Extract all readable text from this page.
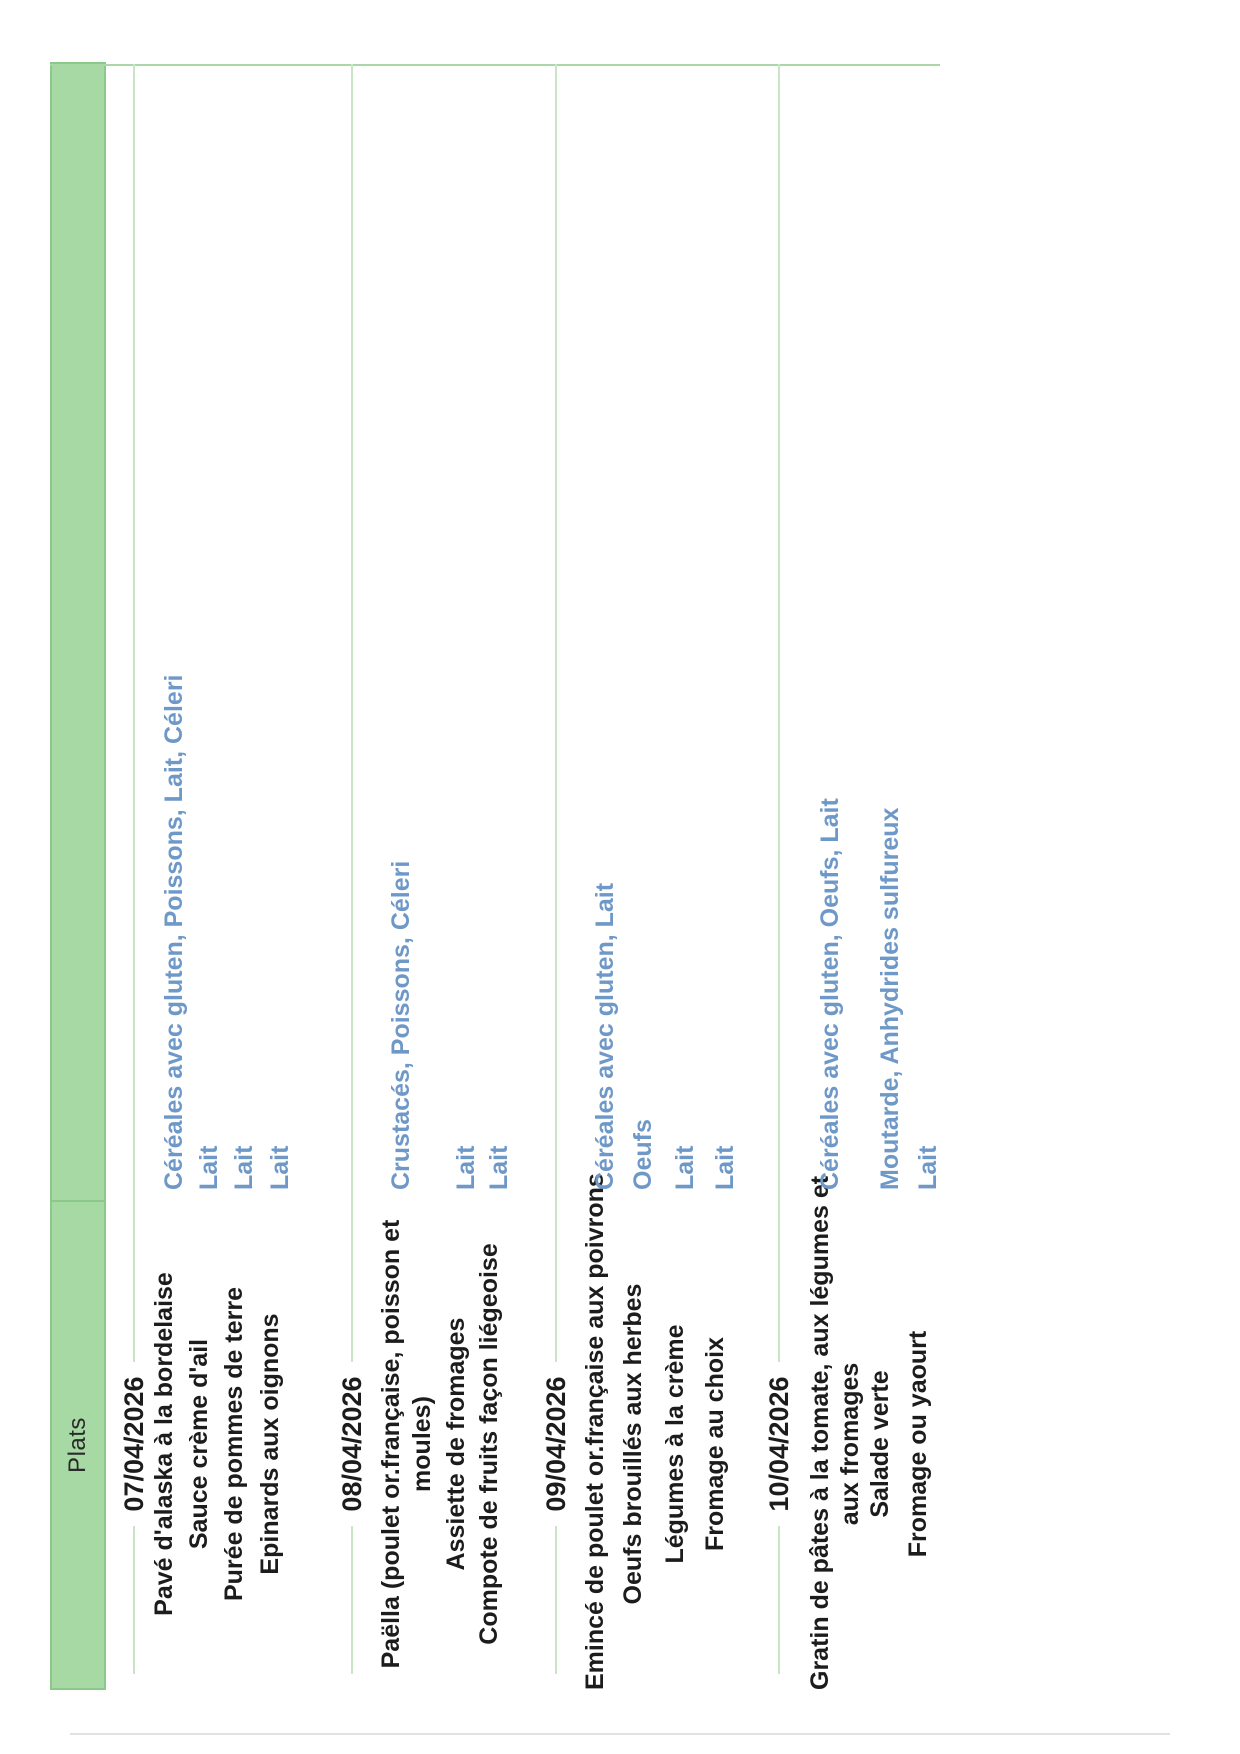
Plats 07/04/2026 Pavé d'alaska à la bordelaise
Céréales avec gluten, Poissons, Lait, Céleri
Sauce crème d'ail
Lait
Purée de pommes de terre
Lait
Epinards aux oignons
Lait
08/04/2026 Paëlla (poulet or.française, poisson et moules)
Crustacés, Poissons, Céleri
Assiette de fromages
Lait
Compote de fruits façon liégeoise
Lait
09/04/2026 Emincé de poulet or.française aux poivrons
Céréales avec gluten, Lait
Oeufs brouillés aux herbes
Oeufs
Légumes à la crème
Lait
Fromage au choix
Lait
10/04/2026 Gratin de pâtes à la tomate, aux légumes et aux fromages
Céréales avec gluten, Oeufs, Lait
Salade verte
Moutarde, Anhydrides sulfureux
Fromage ou yaourt
Lait
